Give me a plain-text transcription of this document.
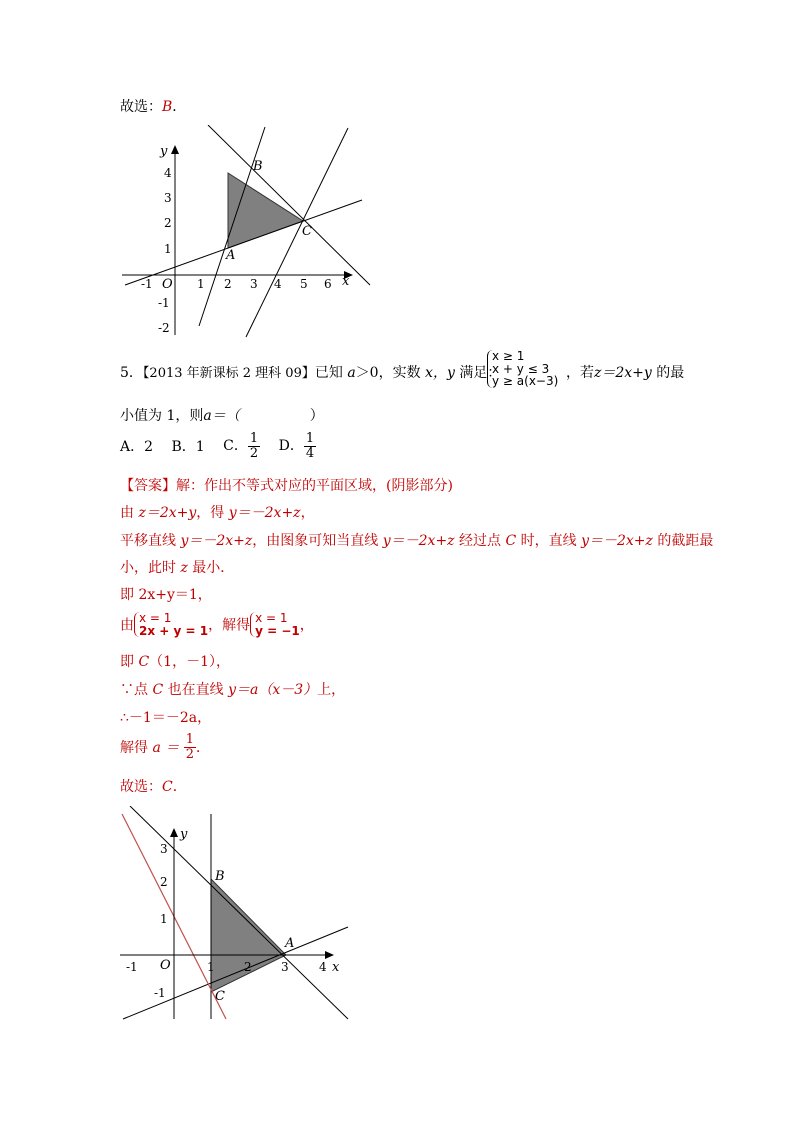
故选：B．
y
x
O
-1	1 2 3 4 5 6
4
3
2
1
-1
-2
B
A
C
5．【2013 年新课标 2 理科 09】已知 a＞0，实数 x，y 满足：
x ≥ 1
x + y ≤ 3
y ≥ a(x−3)
，若z＝2x+y 的最
小值为 1，则a＝（	）
A．2 B．1 C． $\frac{1}{2}$ D． $\frac{1}{4}$
【答案】解：作出不等式对应的平面区域，(阴影部分)
由 z＝2x+y，得 y＝－2x+z，
平移直线 y＝－2x+z，由图象可知当直线 y＝－2x+z 经过点 C 时，直线 y＝－2x+z 的截距最
小，此时 z 最小．
即 2x+y＝1，
由 x = 1
2x + y = 1 ，解得 x = 1
y = −1 ，
即 C（1，－1），
∵点 C 也在直线 y＝a（x－3）上，
∴－1＝－2a，
解得 $a = \frac{1}{2}$ ．
故选：C．
y
x
O
-1	1 2 3	4
3
2
1
-1
B
A
C
